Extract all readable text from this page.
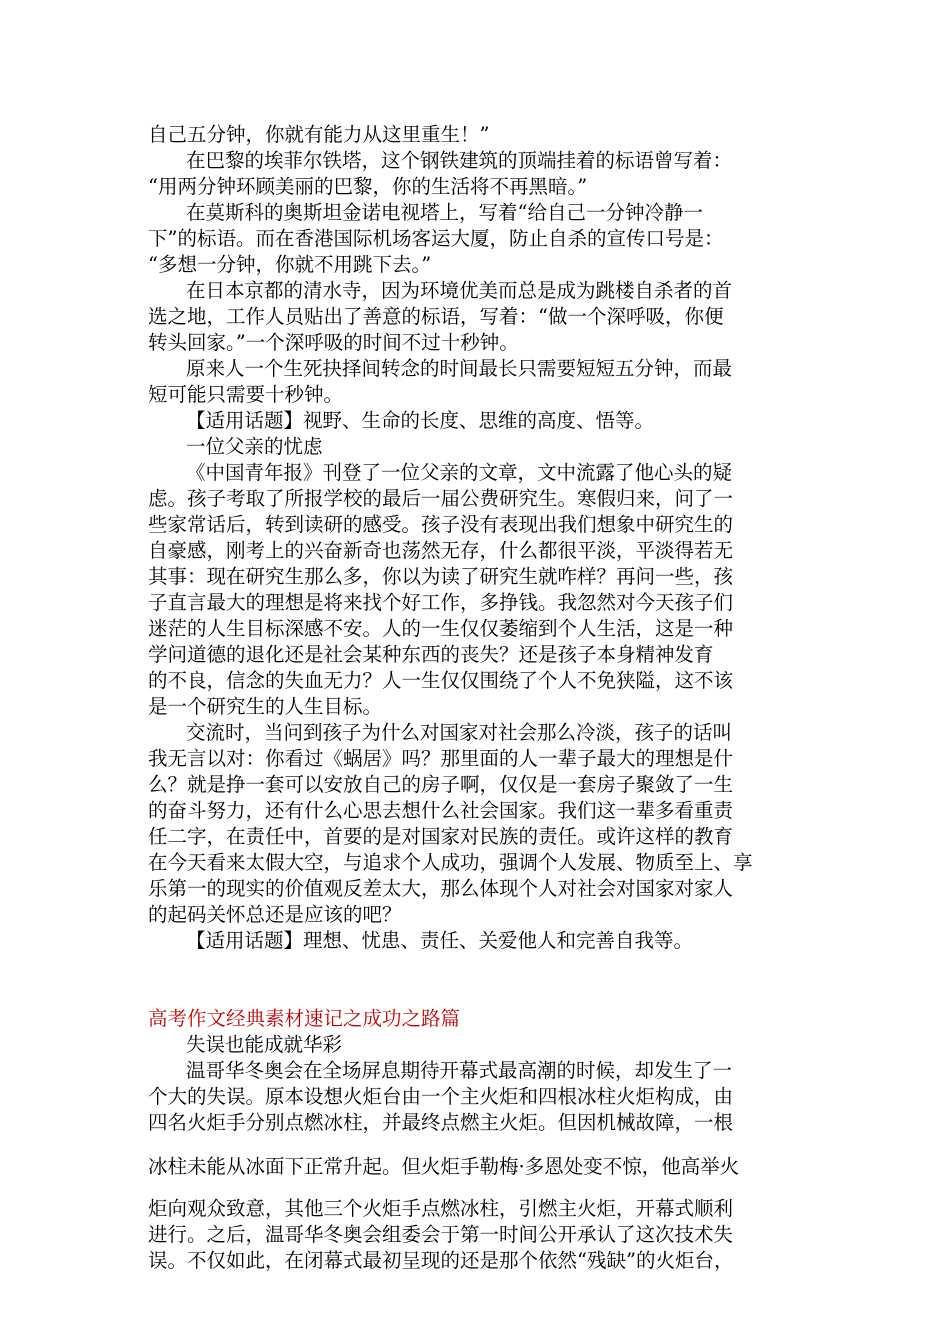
自己五分钟，你就有能力从这里重生！”
在巴黎的埃菲尔铁塔，这个钢铁建筑的顶端挂着的标语曾写着：
“用两分钟环顾美丽的巴黎，你的生活将不再黑暗。”
在莫斯科的奥斯坦金诺电视塔上，写着“给自己一分钟冷静一
下”的标语。而在香港国际机场客运大厦，防止自杀的宣传口号是：
“多想一分钟，你就不用跳下去。”
在日本京都的清水寺，因为环境优美而总是成为跳楼自杀者的首
选之地，工作人员贴出了善意的标语，写着：“做一个深呼吸，你便
转头回家。”一个深呼吸的时间不过十秒钟。
原来人一个生死抉择间转念的时间最长只需要短短五分钟，而最
短可能只需要十秒钟。
【适用话题】视野、生命的长度、思维的高度、悟等。
一位父亲的忧虑
《中国青年报》刊登了一位父亲的文章，文中流露了他心头的疑
虑。孩子考取了所报学校的最后一届公费研究生。寒假归来，问了一
些家常话后，转到读研的感受。孩子没有表现出我们想象中研究生的
自豪感，刚考上的兴奋新奇也荡然无存，什么都很平淡，平淡得若无
其事：现在研究生那么多，你以为读了研究生就咋样？再问一些，孩
子直言最大的理想是将来找个好工作，多挣钱。我忽然对今天孩子们
迷茫的人生目标深感不安。人的一生仅仅萎缩到个人生活，这是一种
学问道德的退化还是社会某种东西的丧失？还是孩子本身精神发育
的不良，信念的失血无力？人一生仅仅围绕了个人不免狭隘，这不该
是一个研究生的人生目标。
交流时，当问到孩子为什么对国家对社会那么冷淡，孩子的话叫
我无言以对：你看过《蜗居》吗？那里面的人一辈子最大的理想是什
么？就是挣一套可以安放自己的房子啊，仅仅是一套房子聚敛了一生
的奋斗努力，还有什么心思去想什么社会国家。我们这一辈多看重责
任二字，在责任中，首要的是对国家对民族的责任。或许这样的教育
在今天看来太假大空，与追求个人成功，强调个人发展、物质至上、享
乐第一的现实的价值观反差太大，那么体现个人对社会对国家对家人
的起码关怀总还是应该的吧？
【适用话题】理想、忧患、责任、关爱他人和完善自我等。
高考作文经典素材速记之成功之路篇
失误也能成就华彩
温哥华冬奥会在全场屏息期待开幕式最高潮的时候，却发生了一
个大的失误。原本设想火炬台由一个主火炬和四根冰柱火炬构成，由
四名火炬手分别点燃冰柱，并最终点燃主火炬。但因机械故障，一根
冰柱未能从冰面下正常升起。但火炬手勒梅·多恩处变不惊，他高举火
炬向观众致意，其他三个火炬手点燃冰柱，引燃主火炬，开幕式顺利
进行。之后，温哥华冬奥会组委会于第一时间公开承认了这次技术失
误。不仅如此，在闭幕式最初呈现的还是那个依然“残缺”的火炬台，
